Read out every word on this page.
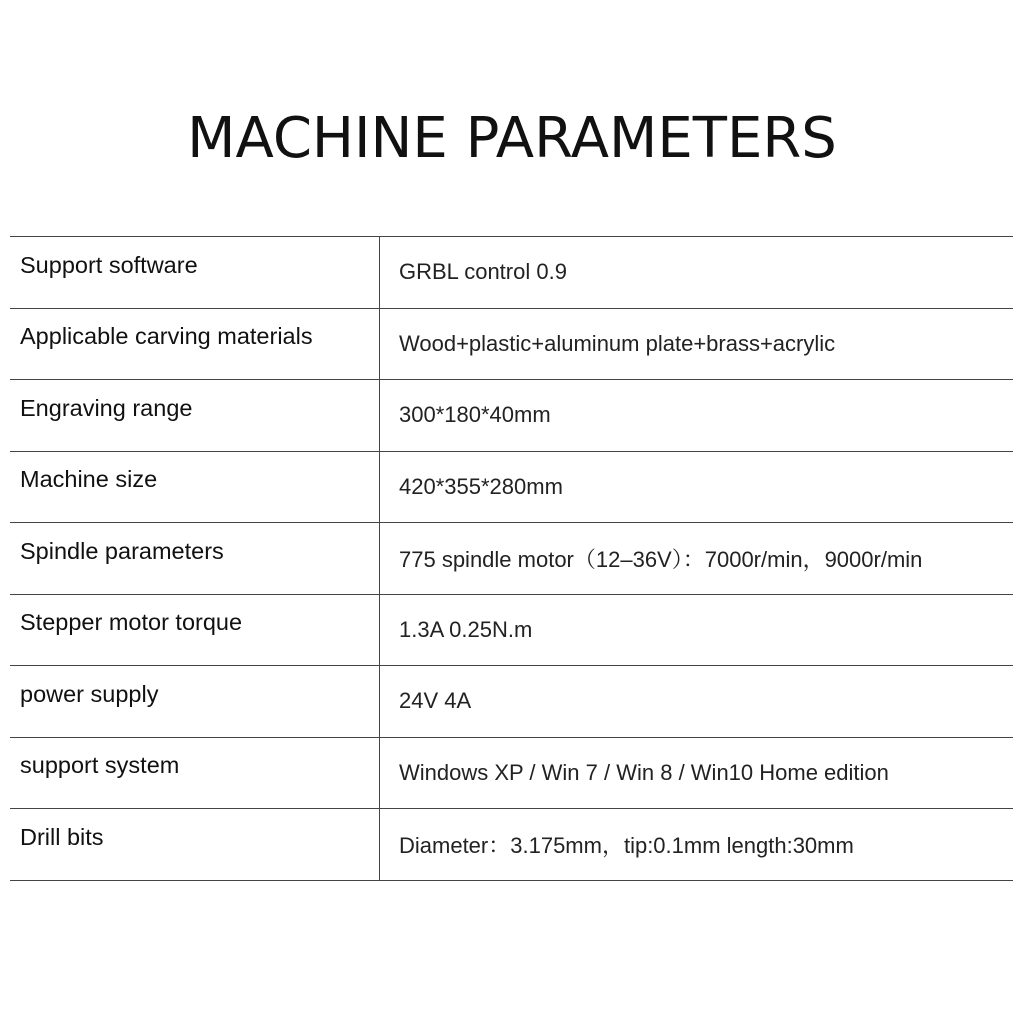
MACHINE PARAMETERS
Support software	GRBL control 0.9
Applicable carving materials	Wood+plastic+aluminum plate+brass+acrylic
Engraving range	300*180*40mm
Machine size	420*355*280mm
Spindle parameters	775 spindle motor（12–36V）：7000r/min，9000r/min
Stepper motor torque	1.3A 0.25N.m
power supply	24V 4A
support system	Windows XP / Win 7 / Win 8 / Win10 Home edition
Drill bits	Diameter：3.175mm，tip:0.1mm length:30mm
